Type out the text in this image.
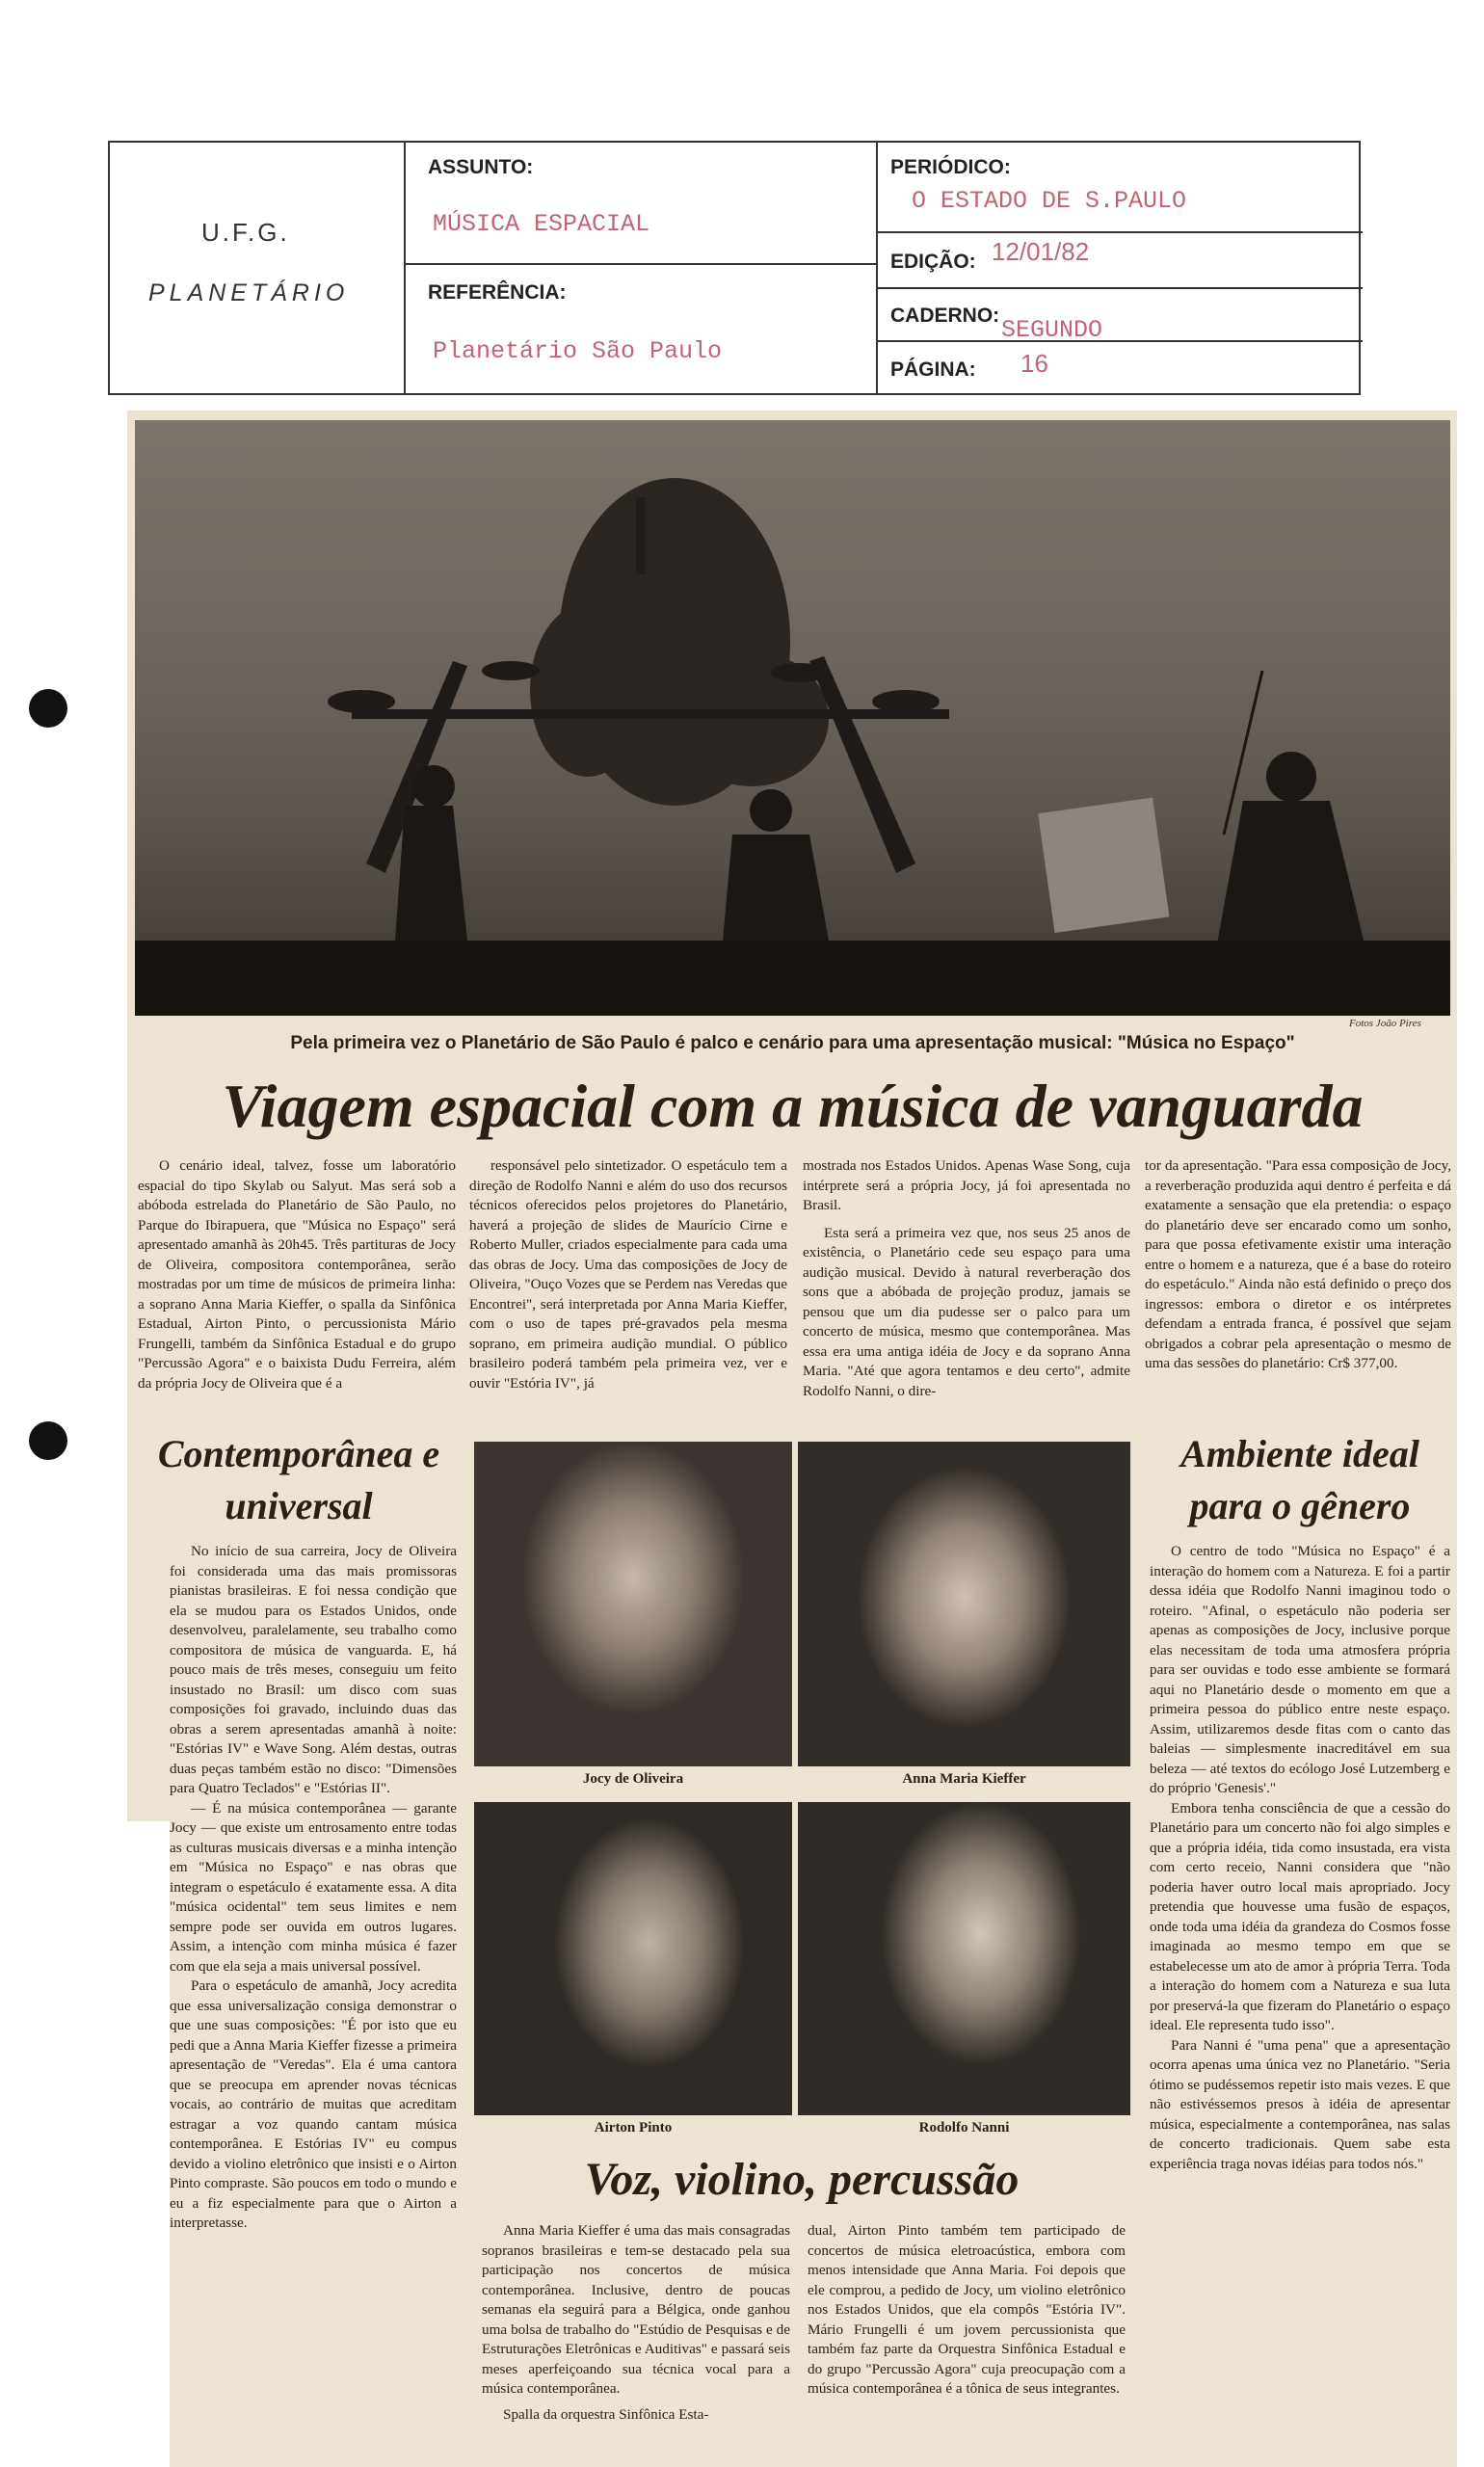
U.F.G.
PLANETÁRIO
ASSUNTO:
MÚSICA ESPACIAL
REFERÊNCIA:
Planetário São Paulo
PERIÓDICO:
O ESTADO DE S.PAULO
EDIÇÃO: 12/01/82
CADERNO:
SEGUNDO
PÁGINA: 16
Fotos João Pires
Pela primeira vez o Planetário de São Paulo é palco e cenário para uma apresentação musical: "Música no Espaço"
Viagem espacial com a música de vanguarda

O cenário ideal, talvez, fosse um laboratório espacial do tipo Skylab ou Salyut. Mas será sob a abóboda estrelada do Planetário de São Paulo, no Parque do Ibirapuera, que "Música no Espaço" será apresentado amanhã às 20h45. Três partituras de Jocy de Oliveira, compositora contemporânea, serão mostradas por um time de músicos de primeira linha: a soprano Anna Maria Kieffer, o spalla da Sinfônica Estadual, Airton Pinto, o percussionista Mário Frungelli, também da Sinfônica Estadual e do grupo "Percussão Agora" e o baixista Dudu Ferreira, além da própria Jocy de Oliveira que é a

responsável pelo sintetizador. O espetáculo tem a direção de Rodolfo Nanni e além do uso dos recursos técnicos oferecidos pelos projetores do Planetário, haverá a projeção de slides de Maurício Cirne e Roberto Muller, criados especialmente para cada uma das obras de Jocy. Uma das composições de Jocy de Oliveira, "Ouço Vozes que se Perdem nas Veredas que Encontrei", será interpretada por Anna Maria Kieffer, com o uso de tapes pré-gravados pela mesma soprano, em primeira audição mundial. O público brasileiro poderá também pela primeira vez, ver e ouvir "Estória IV", já

mostrada nos Estados Unidos. Apenas Wase Song, cuja intérprete será a própria Jocy, já foi apresentada no Brasil.

Esta será a primeira vez que, nos seus 25 anos de existência, o Planetário cede seu espaço para uma audição musical. Devido à natural reverberação dos sons que a abóbada de projeção produz, jamais se pensou que um dia pudesse ser o palco para um concerto de música, mesmo que contemporânea. Mas essa era uma antiga idéia de Jocy e da soprano Anna Maria. "Até que agora tentamos e deu certo", admite Rodolfo Nanni, o dire-

tor da apresentação. "Para essa composição de Jocy, a reverberação produzida aqui dentro é perfeita e dá exatamente a sensação que ela pretendia: o espaço do planetário deve ser encarado como um sonho, para que possa efetivamente existir uma interação entre o homem e a natureza, que é a base do roteiro do espetáculo." Ainda não está definido o preço dos ingressos: embora o diretor e os intérpretes defendam a entrada franca, é possível que sejam obrigados a cobrar pela apresentação o mesmo de uma das sessões do planetário: Cr$ 377,00.

Contemporânea e universal

No início de sua carreira, Jocy de Oliveira foi considerada uma das mais promissoras pianistas brasileiras. E foi nessa condição que ela se mudou para os Estados Unidos, onde desenvolveu, paralelamente, seu trabalho como compositora de música de vanguarda. E, há pouco mais de três meses, conseguiu um feito insustado no Brasil: um disco com suas composições foi gravado, incluindo duas das obras a serem apresentadas amanhã à noite: "Estórias IV" e Wave Song. Além destas, outras duas peças também estão no disco: "Dimensões para Quatro Teclados" e "Estórias II".

— É na música contemporânea — garante Jocy — que existe um entrosamento entre todas as culturas musicais diversas e a minha intenção em "Música no Espaço" e nas obras que integram o espetáculo é exatamente essa. A dita "música ocidental" tem seus limites e nem sempre pode ser ouvida em outros lugares. Assim, a intenção com minha música é fazer com que ela seja a mais universal possível.

Para o espetáculo de amanhã, Jocy acredita que essa universalização consiga demonstrar o que une suas composições: "É por isto que eu pedi que a Anna Maria Kieffer fizesse a primeira apresentação de "Veredas". Ela é uma cantora que se preocupa em aprender novas técnicas vocais, ao contrário de muitas que acreditam estragar a voz quando cantam música contemporânea. E Estórias IV" eu compus devido a violino eletrônico que insisti e o Airton Pinto compraste. São poucos em todo o mundo e eu a fiz especialmente para que o Airton a interpretasse.

Jocy de Oliveira	Anna Maria Kieffer
Airton Pinto	Rodolfo Nanni
Voz, violino, percussão

Anna Maria Kieffer é uma das mais consagradas sopranos brasileiras e tem-se destacado pela sua participação nos concertos de música contemporânea. Inclusive, dentro de poucas semanas ela seguirá para a Bélgica, onde ganhou uma bolsa de trabalho do "Estúdio de Pesquisas e de Estruturações Eletrônicas e Auditivas" e passará seis meses aperfeiçoando sua técnica vocal para a música contemporânea.

Spalla da orquestra Sinfônica Esta-

dual, Airton Pinto também tem participado de concertos de música eletroacústica, embora com menos intensidade que Anna Maria. Foi depois que ele comprou, a pedido de Jocy, um violino eletrônico nos Estados Unidos, que ela compôs "Estória IV". Mário Frungelli é um jovem percussionista que também faz parte da Orquestra Sinfônica Estadual e do grupo "Percussão Agora" cuja preocupação com a música contemporânea é a tônica de seus integrantes.

Ambiente ideal para o gênero

O centro de todo "Música no Espaço" é a interação do homem com a Natureza. E foi a partir dessa idéia que Rodolfo Nanni imaginou todo o roteiro. "Afinal, o espetáculo não poderia ser apenas as composições de Jocy, inclusive porque elas necessitam de toda uma atmosfera própria para ser ouvidas e todo esse ambiente se formará aqui no Planetário desde o momento em que a primeira pessoa do público entre neste espaço. Assim, utilizaremos desde fitas com o canto das baleias — simplesmente inacreditável em sua beleza — até textos do ecólogo José Lutzemberg e do próprio 'Genesis'."

Embora tenha consciência de que a cessão do Planetário para um concerto não foi algo simples e que a própria idéia, tida como insustada, era vista com certo receio, Nanni considera que "não poderia haver outro local mais apropriado. Jocy pretendia que houvesse uma fusão de espaços, onde toda uma idéia da grandeza do Cosmos fosse imaginada ao mesmo tempo em que se estabelecesse um ato de amor à própria Terra. Toda a interação do homem com a Natureza e sua luta por preservá-la que fizeram do Planetário o espaço ideal. Ele representa tudo isso".

Para Nanni é "uma pena" que a apresentação ocorra apenas uma única vez no Planetário. "Seria ótimo se pudéssemos repetir isto mais vezes. E que não estivéssemos presos à idéia de apresentar música, especialmente a contemporânea, nas salas de concerto tradicionais. Quem sabe esta experiência traga novas idéias para todos nós."
